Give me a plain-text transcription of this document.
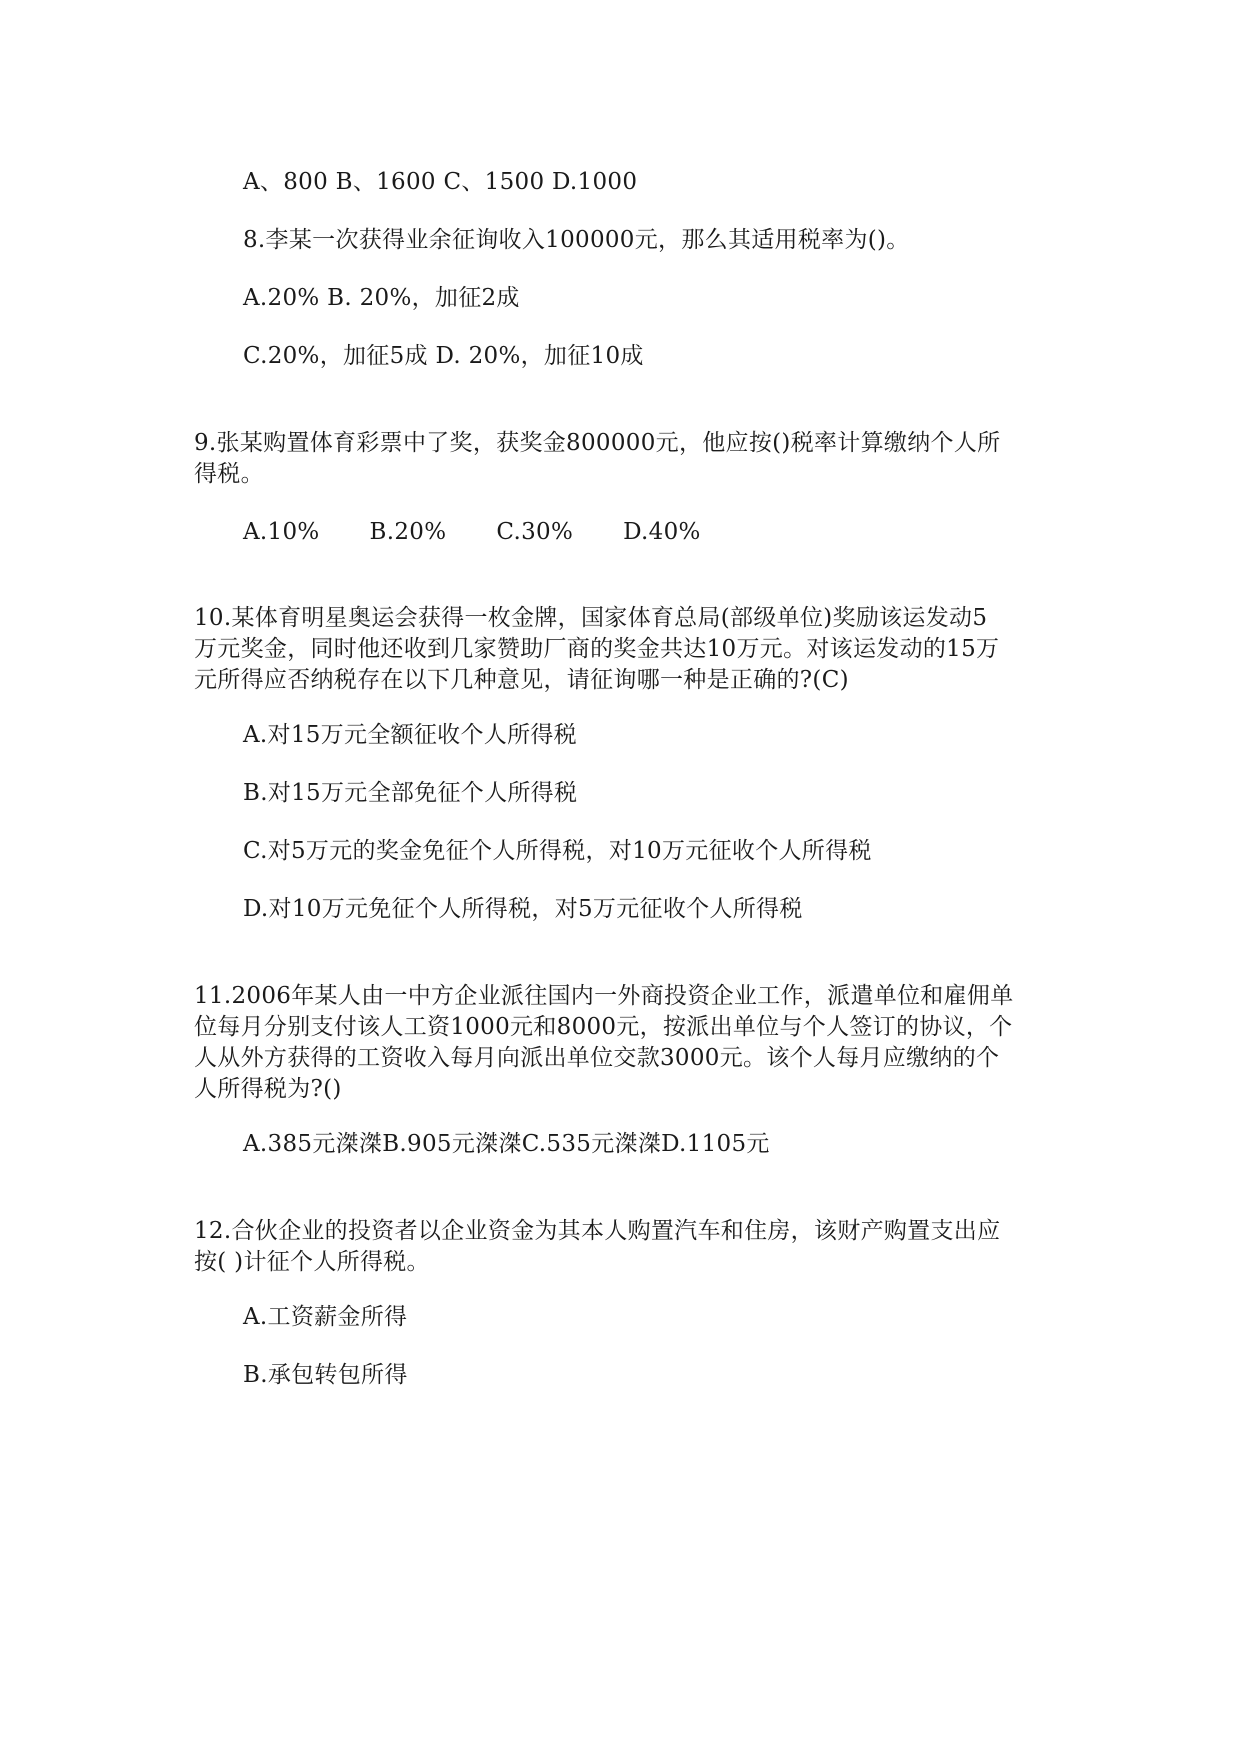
A、800 B、1600 C、1500 D.1000
8.李某一次获得业余征询收入100000元，那么其适用税率为()。
A.20% B. 20%，加征2成
C.20%，加征5成 D. 20%，加征10成
9.张某购置体育彩票中了奖，获奖金800000元，他应按()税率计算缴纳个人所
得税。
A.10% B.20% C.30% D.40%
10.某体育明星奥运会获得一枚金牌，国家体育总局(部级单位)奖励该运发动5
万元奖金，同时他还收到几家赞助厂商的奖金共达10万元。对该运发动的15万
元所得应否纳税存在以下几种意见，请征询哪一种是正确的?(C)
A.对15万元全额征收个人所得税
B.对15万元全部免征个人所得税
C.对5万元的奖金免征个人所得税，对10万元征收个人所得税
D.对10万元免征个人所得税，对5万元征收个人所得税
11.2006年某人由一中方企业派往国内一外商投资企业工作，派遣单位和雇佣单
位每月分别支付该人工资1000元和8000元，按派出单位与个人签订的协议，个
人从外方获得的工资收入每月向派出单位交款3000元。该个人每月应缴纳的个
人所得税为?()
A.385元滐滐B.905元滐滐C.535元滐滐D.1105元
12.合伙企业的投资者以企业资金为其本人购置汽车和住房，该财产购置支出应
按( )计征个人所得税。
A.工资薪金所得
B.承包转包所得
